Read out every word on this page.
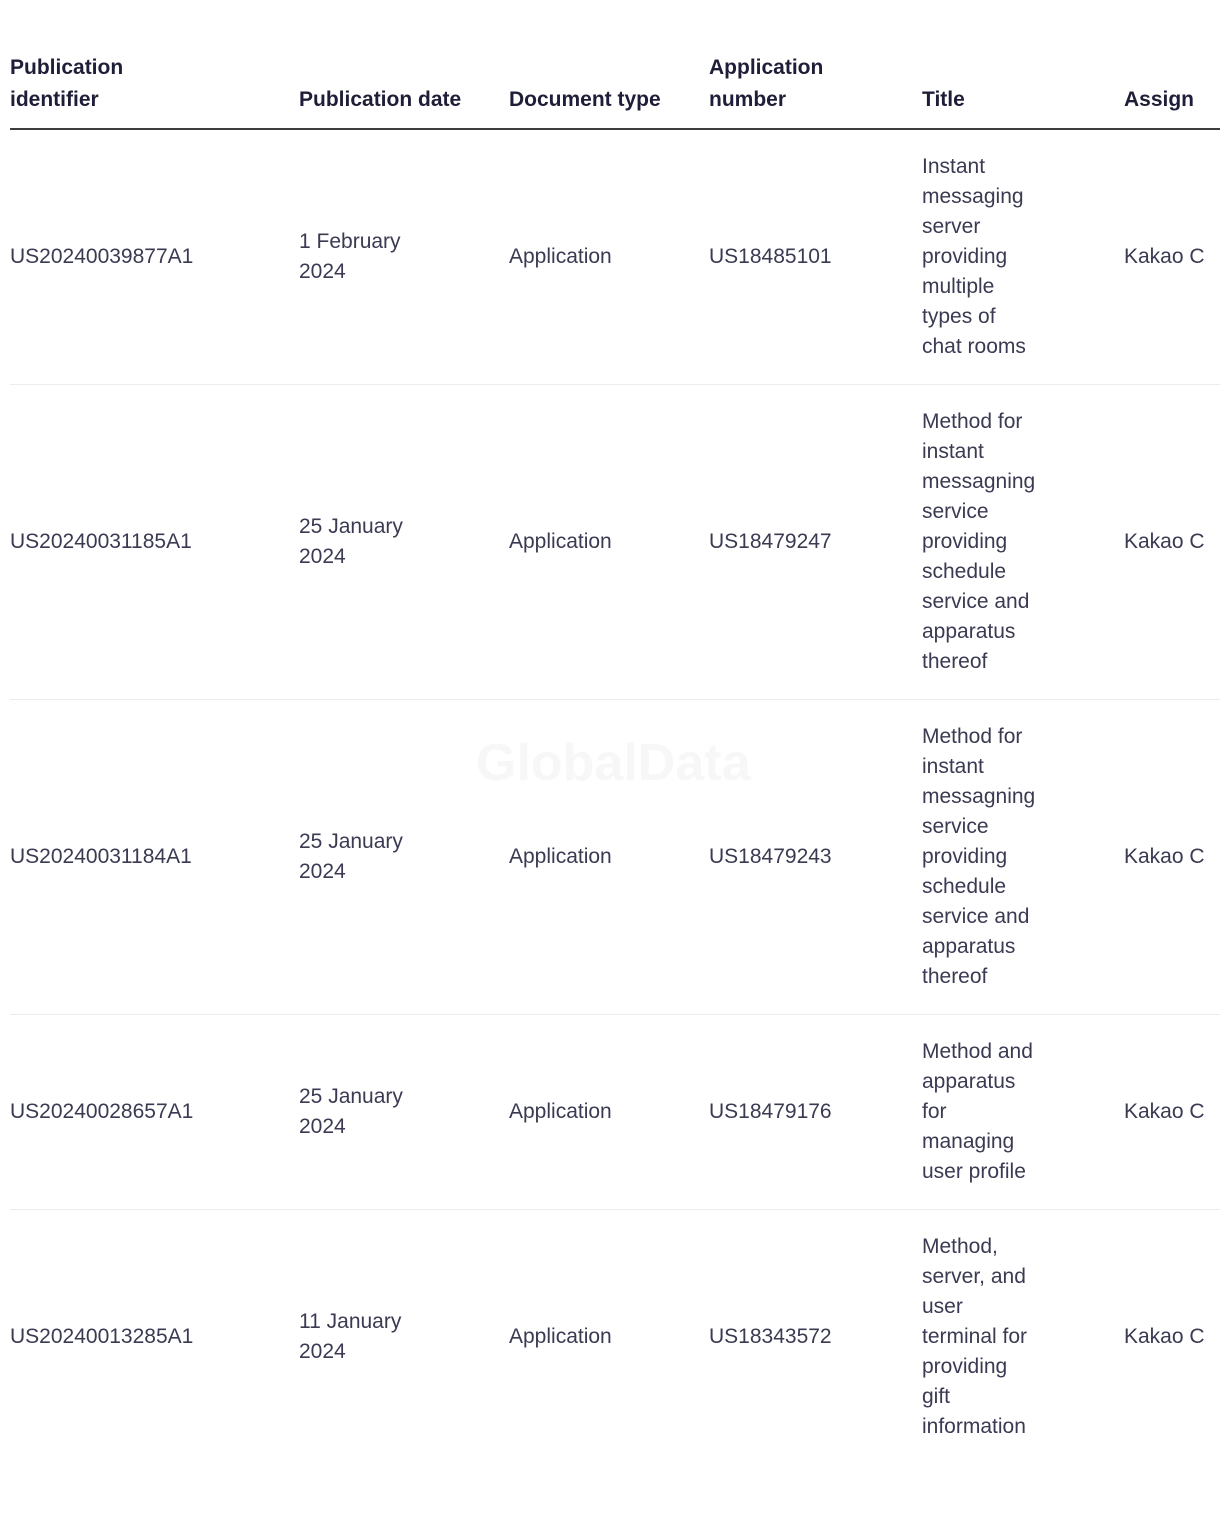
GlobalData
Publication identifier	Publication date	Document type	Application number	Title	Assign

US20240039877A1	1 February 2024	Application	US18485101	Instant messaging server providing multiple types of chat rooms	Kakao C

US20240031185A1	25 January 2024	Application	US18479247	Method for instant messagning service providing schedule service and apparatus thereof	Kakao C

US20240031184A1	25 January 2024	Application	US18479243	Method for instant messagning service providing schedule service and apparatus thereof	Kakao C

US20240028657A1	25 January 2024	Application	US18479176	Method and apparatus for managing user profile	Kakao C

US20240013285A1	11 January 2024	Application	US18343572	Method, server, and user terminal for providing gift information	Kakao C
